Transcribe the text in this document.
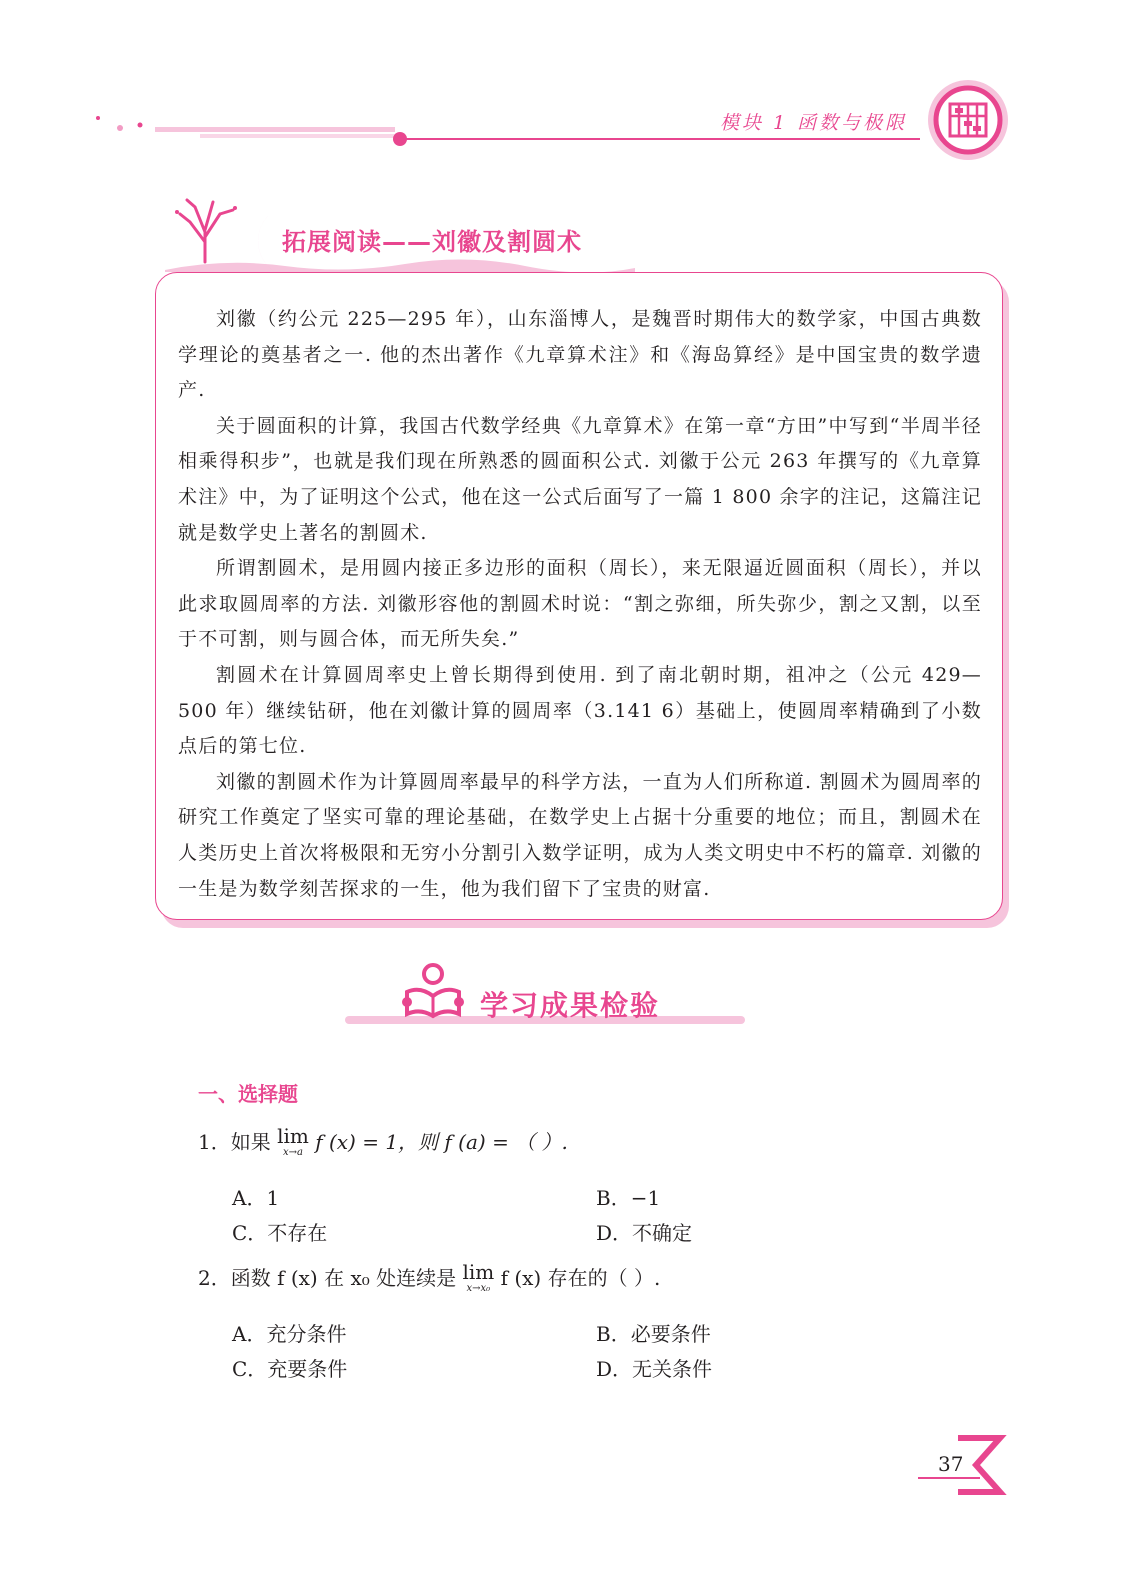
模块 1 函数与极限
拓展阅读——刘徽及割圆术

刘徽（约公元 225—295 年），山东淄博人，是魏晋时期伟大的数学家，中国古典数学理论的奠基者之一. 他的杰出著作《九章算术注》和《海岛算经》是中国宝贵的数学遗产.

关于圆面积的计算，我国古代数学经典《九章算术》在第一章“方田”中写到“半周半径相乘得积步”，也就是我们现在所熟悉的圆面积公式. 刘徽于公元 263 年撰写的《九章算术注》中，为了证明这个公式，他在这一公式后面写了一篇 1 800 余字的注记，这篇注记就是数学史上著名的割圆术.

所谓割圆术，是用圆内接正多边形的面积（周长），来无限逼近圆面积（周长），并以此求取圆周率的方法. 刘徽形容他的割圆术时说：“割之弥细，所失弥少，割之又割，以至于不可割，则与圆合体，而无所失矣.”

割圆术在计算圆周率史上曾长期得到使用. 到了南北朝时期，祖冲之（公元 429—500 年）继续钻研，他在刘徽计算的圆周率（3.141 6）基础上，使圆周率精确到了小数点后的第七位.

刘徽的割圆术作为计算圆周率最早的科学方法，一直为人们所称道. 割圆术为圆周率的研究工作奠定了坚实可靠的理论基础，在数学史上占据十分重要的地位；而且，割圆术在人类历史上首次将极限和无穷小分割引入数学证明，成为人类文明史中不朽的篇章. 刘徽的一生是为数学刻苦探求的一生，他为我们留下了宝贵的财富.

学习成果检验
一、选择题
1．如果 lim
x→a f (x) = 1，则 f (a) = （ ）.
A．1	B．−1
C．不存在	D．不确定
2．函数 f (x) 在 x₀ 处连续是 lim
x→x₀ f (x) 存在的（ ）.
A．充分条件	B．必要条件
C．充要条件	D．无关条件
37
